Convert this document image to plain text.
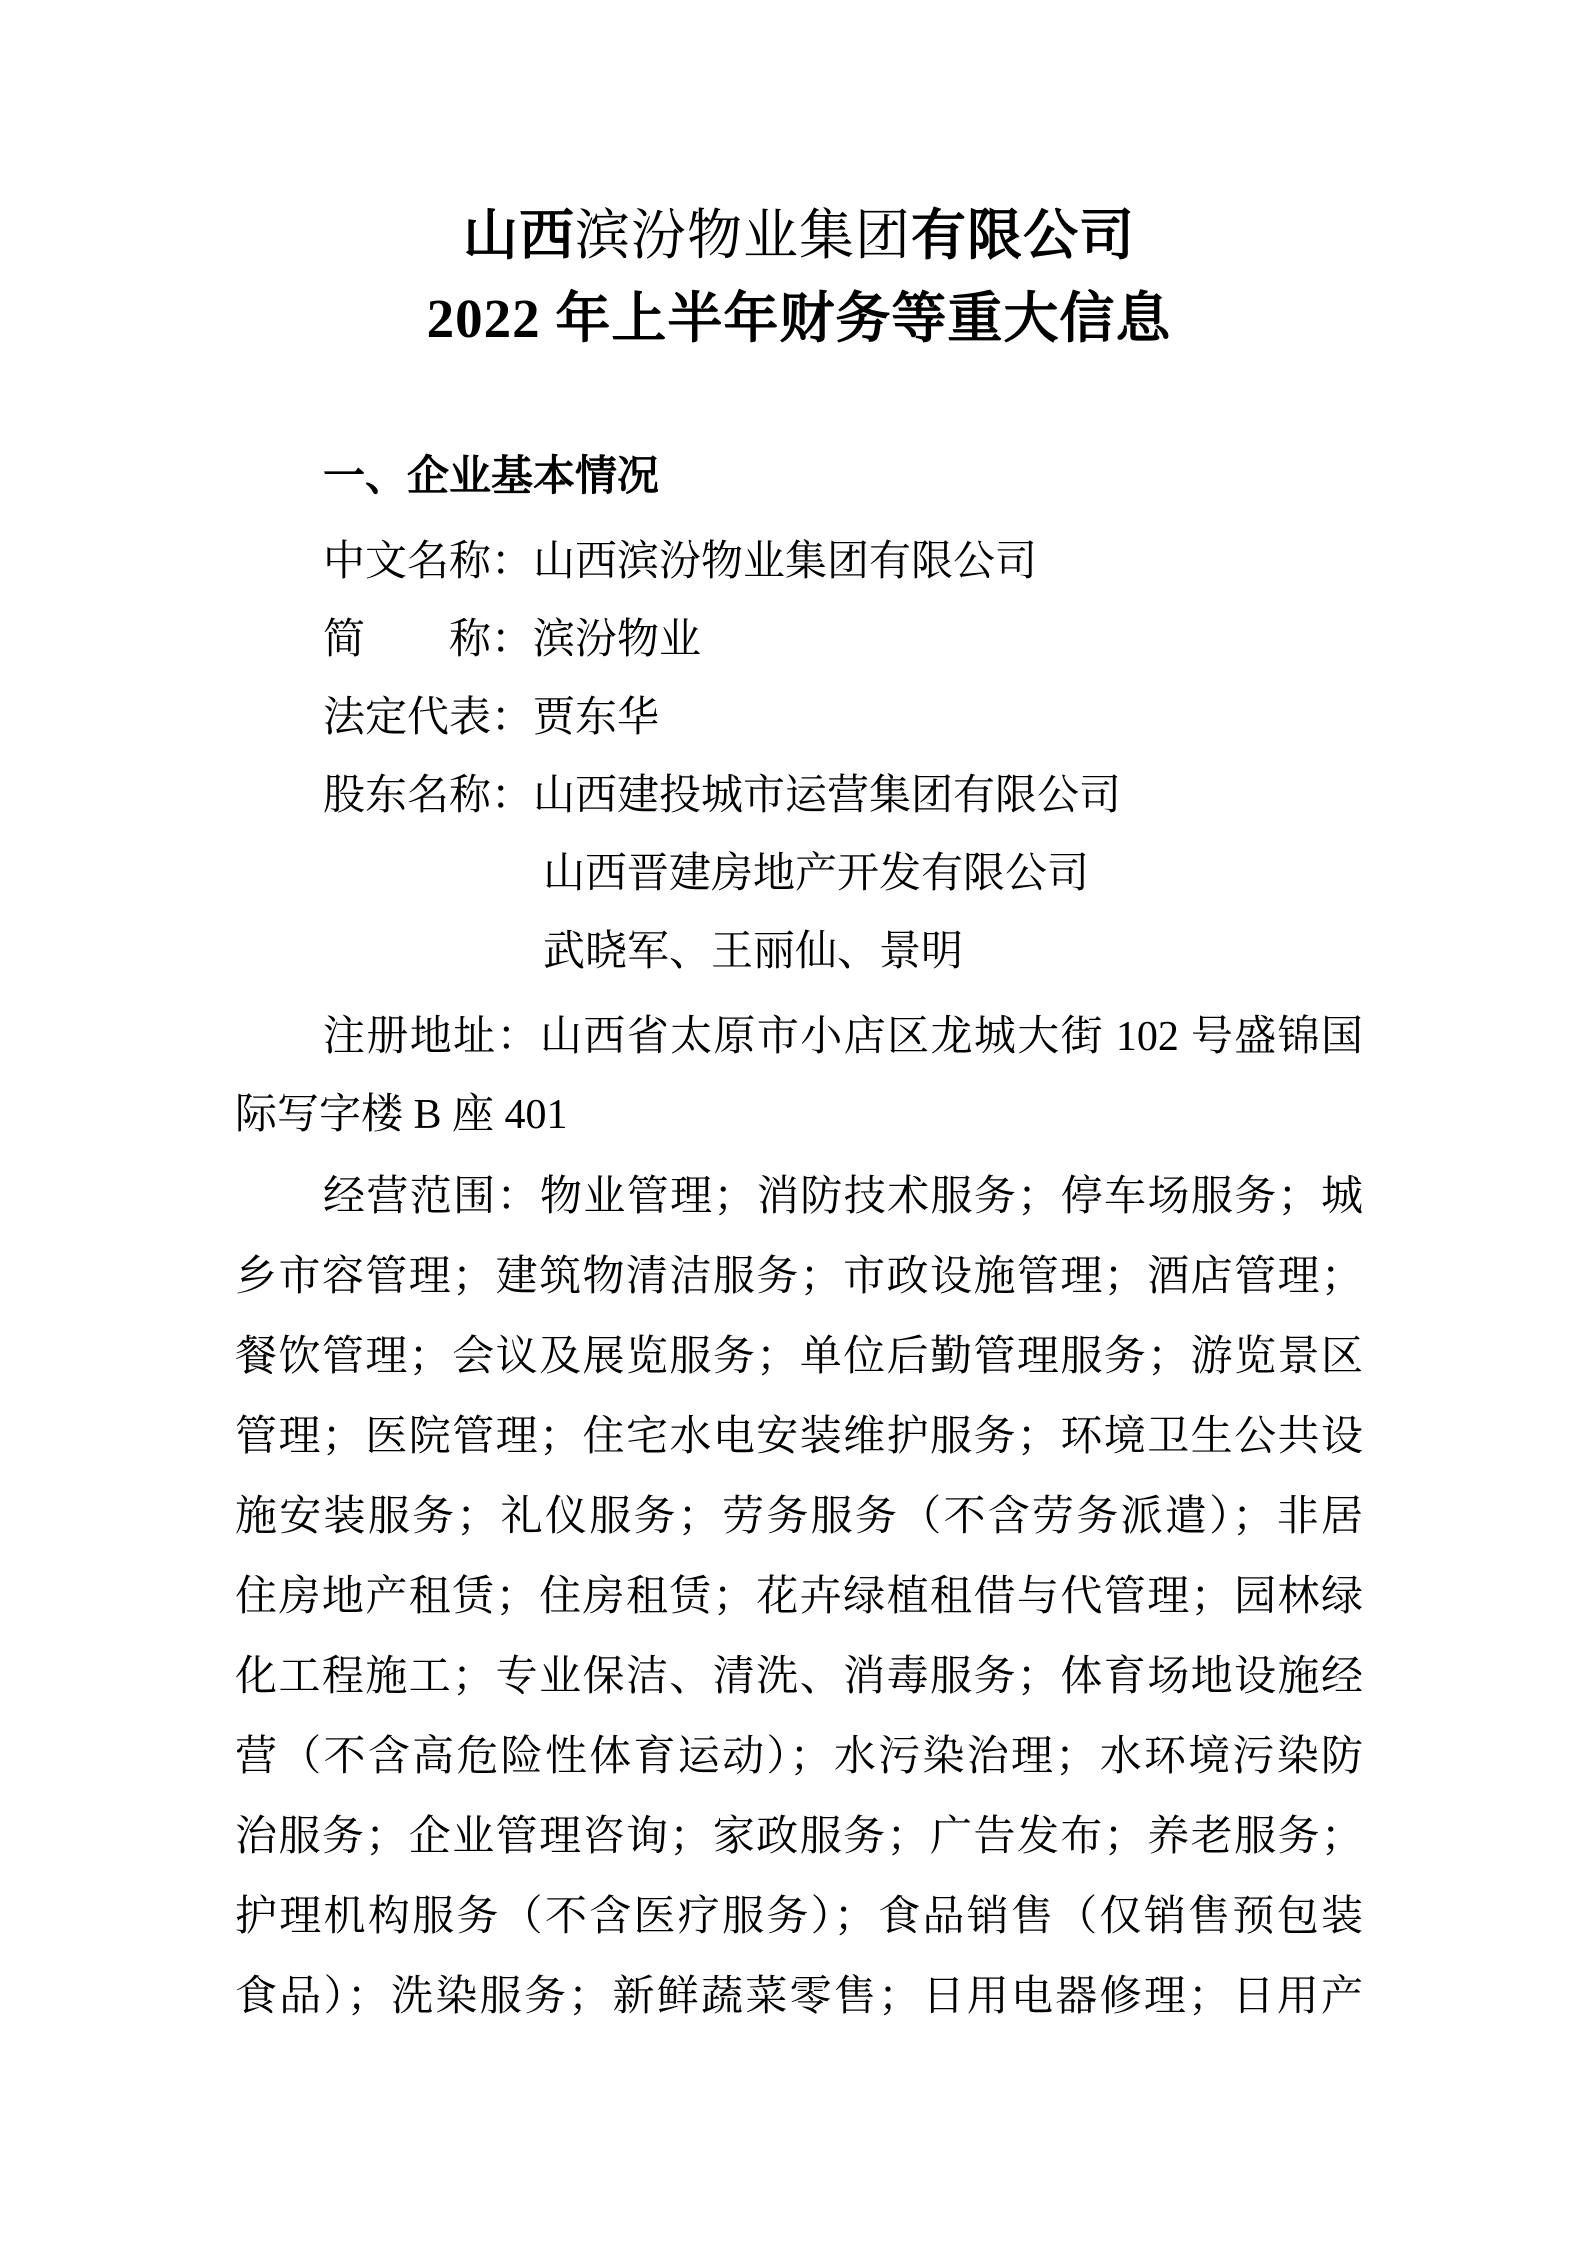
山西滨汾物业集团有限公司
2022 年上半年财务等重大信息
一、企业基本情况
中文名称：山西滨汾物业集团有限公司
简　　称：滨汾物业
法定代表：贾东华
股东名称：山西建投城市运营集团有限公司
山西晋建房地产开发有限公司
武晓军、王丽仙、景明
注册地址：山西省太原市小店区龙城大街 102 号盛锦国
际写字楼 B 座 401
经营范围：物业管理；消防技术服务；停车场服务；城
乡市容管理；建筑物清洁服务；市政设施管理；酒店管理；
餐饮管理；会议及展览服务；单位后勤管理服务；游览景区
管理；医院管理；住宅水电安装维护服务；环境卫生公共设
施安装服务；礼仪服务；劳务服务（不含劳务派遣）；非居
住房地产租赁；住房租赁；花卉绿植租借与代管理；园林绿
化工程施工；专业保洁、清洗、消毒服务；体育场地设施经
营（不含高危险性体育运动）；水污染治理；水环境污染防
治服务；企业管理咨询；家政服务；广告发布；养老服务；
护理机构服务（不含医疗服务）；食品销售（仅销售预包装
食品）；洗染服务；新鲜蔬菜零售；日用电器修理；日用产
